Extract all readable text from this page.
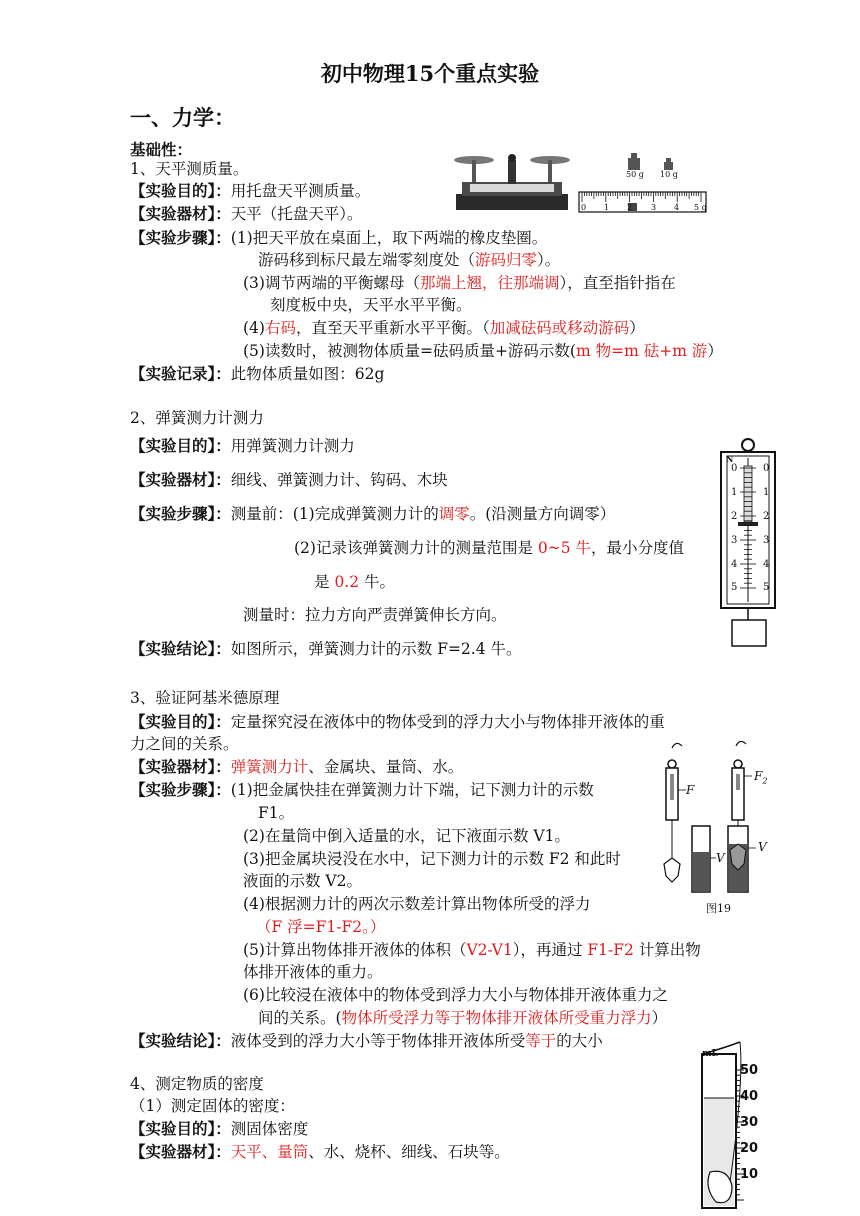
初中物理15个重点实验
一、力学：
基础性：
1、天平测质量。
【实验目的】：用托盘天平测质量。
【实验器材】：天平（托盘天平）。
【实验步骤】：(1)把天平放在桌面上，取下两端的橡皮垫圈。
游码移到标尺最左端零刻度处（游码归零）。
(3)调节两端的平衡螺母（那端上翘，往那端调），直至指针指在
刻度板中央，天平水平平衡。
(4)右码，直至天平重新水平平衡。（加减砝码或移动游码）
(5)读数时，被测物体质量=砝码质量+游码示数(m 物=m 砝+m 游）
【实验记录】：此物体质量如图：62g
50 g 10 g
0 1 2 3 4 5 g
2、弹簧测力计测力
【实验目的】：用弹簧测力计测力
【实验器材】：细线、弹簧测力计、钩码、木块
【实验步骤】：测量前：(1)完成弹簧测力计的调零。(沿测量方向调零）
(2)记录该弹簧测力计的测量范围是 0~5 牛，最小分度值
是 0.2 牛。
测量时：拉力方向严责弹簧伸长方向。
【实验结论】：如图所示，弹簧测力计的示数 F=2.4 牛。
N
0
1
2
3
4
5
0
1
2
3
4
5
3、验证阿基米德原理
【实验目的】：定量探究浸在液体中的物体受到的浮力大小与物体排开液体的重
力之间的关系。
【实验器材】：弹簧测力计、金属块、量筒、水。
【实验步骤】：(1)把金属快挂在弹簧测力计下端，记下测力计的示数
F1。
(2)在量筒中倒入适量的水，记下液面示数 V1。
(3)把金属块浸没在水中，记下测力计的示数 F2 和此时
液面的示数 V2。
(4)根据测力计的两次示数差计算出物体所受的浮力
（F 浮=F1-F2。）
(5)计算出物体排开液体的体积（V2-V1），再通过 F1-F2 计算出物
体排开液体的重力。
(6)比较浸在液体中的物体受到浮力大小与物体排开液体重力之
间的关系。(物体所受浮力等于物体排开液体所受重力浮力）
【实验结论】：液体受到的浮力大小等于物体排开液体所受等于的大小
F
V
$F_2$
V
图19
4、测定物质的密度
（1）测定固体的密度：
【实验目的】：测固体密度
【实验器材】：天平、量筒、水、烧杯、细线、石块等。
mL
50
40
30
20
10
